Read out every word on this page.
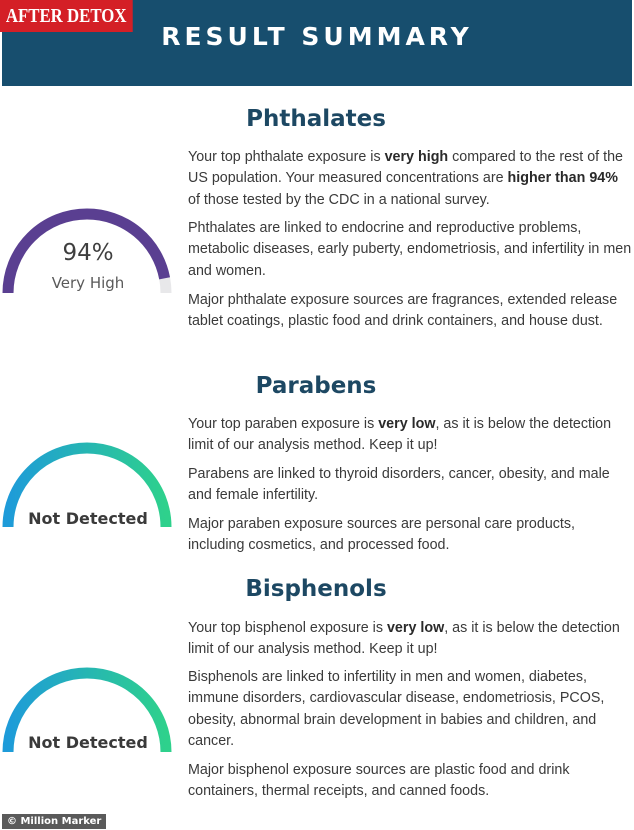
RESULT SUMMARY
AFTER DETOX
Phthalates
94%
Very High

Your top phthalate exposure is very high compared to the rest of the US population. Your measured concentrations are higher than 94% of those tested by the CDC in a national survey.

Phthalates are linked to endocrine and reproductive problems, metabolic diseases, early puberty, endometriosis, and infertility in men and women.

Major phthalate exposure sources are fragrances, extended release tablet coatings, plastic food and drink containers, and house dust.

Parabens
Not Detected

Your top paraben exposure is very low, as it is below the detection limit of our analysis method. Keep it up!

Parabens are linked to thyroid disorders, cancer, obesity, and male and female infertility.

Major paraben exposure sources are personal care products, including cosmetics, and processed food.

Bisphenols
Not Detected

Your top bisphenol exposure is very low, as it is below the detection limit of our analysis method. Keep it up!

Bisphenols are linked to infertility in men and women, diabetes, immune disorders, cardiovascular disease, endometriosis, PCOS, obesity, abnormal brain development in babies and children, and cancer.

Major bisphenol exposure sources are plastic food and drink containers, thermal receipts, and canned foods.

© Million Marker
